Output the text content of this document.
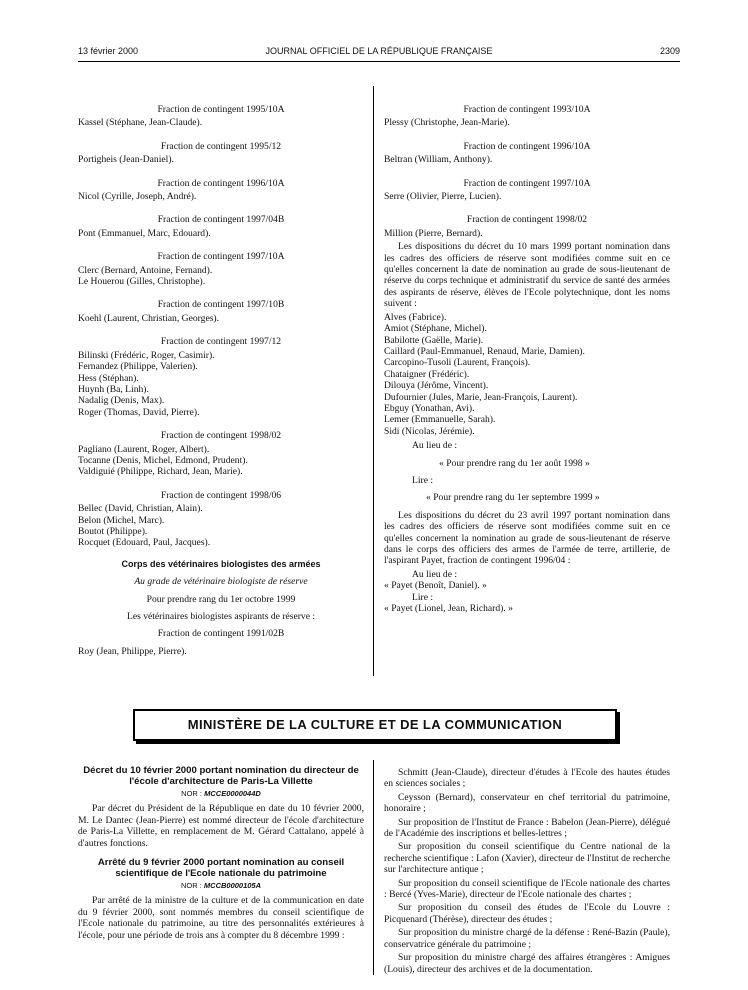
13 février 2000	JOURNAL OFFICIEL DE LA RÉPUBLIQUE FRANÇAISE	2309
Fraction de contingent 1995/10A
Kassel (Stéphane, Jean-Claude).
Fraction de contingent 1995/12
Portigheis (Jean-Daniel).
Fraction de contingent 1996/10A
Nicol (Cyrille, Joseph, André).
Fraction de contingent 1997/04B
Pont (Emmanuel, Marc, Edouard).
Fraction de contingent 1997/10A
Clerc (Bernard, Antoine, Fernand).
Le Houerou (Gilles, Christophe).
Fraction de contingent 1997/10B
Koehl (Laurent, Christian, Georges).
Fraction de contingent 1997/12
Bilinski (Frédéric, Roger, Casimir).
Fernandez (Philippe, Valerien).
Hess (Stéphan).
Huynh (Ba, Linh).
Nadalig (Denis, Max).
Roger (Thomas, David, Pierre).
Fraction de contingent 1998/02
Pagliano (Laurent, Roger, Albert).
Tocanne (Denis, Michel, Edmond, Prudent).
Valdiguié (Philippe, Richard, Jean, Marie).
Fraction de contingent 1998/06
Bellec (David, Christian, Alain).
Belon (Michel, Marc).
Boutot (Philippe).
Rocquet (Edouard, Paul, Jacques).
Corps des vétérinaires biologistes des armées
Au grade de vétérinaire biologiste de réserve
Pour prendre rang du 1er octobre 1999
Les vétérinaires biologistes aspirants de réserve :
Fraction de contingent 1991/02B
Roy (Jean, Philippe, Pierre).
Fraction de contingent 1993/10A
Plessy (Christophe, Jean-Marie).
Fraction de contingent 1996/10A
Beltran (William, Anthony).
Fraction de contingent 1997/10A
Serre (Olivier, Pierre, Lucien).
Fraction de contingent 1998/02
Million (Pierre, Bernard).
Les dispositions du décret du 10 mars 1999 portant nomination dans les cadres des officiers de réserve sont modifiées comme suit en ce qu'elles concernent la date de nomination au grade de sous-lieutenant de réserve du corps technique et administratif du service de santé des armées des aspirants de réserve, élèves de l'Ecole polytechnique, dont les noms suivent :
Alves (Fabrice).
Amiot (Stéphane, Michel).
Babilotte (Gaëlle, Marie).
Caillard (Paul-Emmanuel, Renaud, Marie, Damien).
Carcopino-Tusoli (Laurent, François).
Chataigner (Frédéric).
Dilouya (Jérôme, Vincent).
Dufournier (Jules, Marie, Jean-François, Laurent).
Ebguy (Yonathan, Avi).
Lemer (Emmanuelle, Sarah).
Sidi (Nicolas, Jérémie).
Au lieu de :
« Pour prendre rang du 1er août 1998 »
Lire :
« Pour prendre rang du 1er septembre 1999 »
Les dispositions du décret du 23 avril 1997 portant nomination dans les cadres des officiers de réserve sont modifiées comme suit en ce qu'elles concernent la nomination au grade de sous-lieutenant de réserve dans le corps des officiers des armes de l'armée de terre, artillerie, de l'aspirant Payet, fraction de contingent 1996/04 :
Au lieu de :
« Payet (Benoît, Daniel). »
Lire :
« Payet (Lionel, Jean, Richard). »
MINISTÈRE DE LA CULTURE ET DE LA COMMUNICATION
Décret du 10 février 2000 portant nomination du directeur de l'école d'architecture de Paris-La Villette
NOR : MCCE0000044D
Par décret du Président de la République en date du 10 février 2000, M. Le Dantec (Jean-Pierre) est nommé directeur de l'école d'architecture de Paris-La Villette, en remplacement de M. Gérard Cattalano, appelé à d'autres fonctions.
Arrêté du 9 février 2000 portant nomination au conseil scientifique de l'Ecole nationale du patrimoine
NOR : MCCB0000105A
Par arrêté de la ministre de la culture et de la communication en date du 9 février 2000, sont nommés membres du conseil scientifique de l'Ecole nationale du patrimoine, au titre des personnalités extérieures à l'école, pour une période de trois ans à compter du 8 décembre 1999 :
Schmitt (Jean-Claude), directeur d'études à l'Ecole des hautes études en sciences sociales ;
Ceysson (Bernard), conservateur en chef territorial du patrimoine, honoraire ;
Sur proposition de l'Institut de France : Babelon (Jean-Pierre), délégué de l'Académie des inscriptions et belles-lettres ;
Sur proposition du conseil scientifique du Centre national de la recherche scientifique : Lafon (Xavier), directeur de l'Institut de recherche sur l'architecture antique ;
Sur proposition du conseil scientifique de l'Ecole nationale des chartes : Bercé (Yves-Marie), directeur de l'Ecole nationale des chartes ;
Sur proposition du conseil des études de l'Ecole du Louvre : Picquenard (Thérèse), directeur des études ;
Sur proposition du ministre chargé de la défense : René-Bazin (Paule), conservatrice générale du patrimoine ;
Sur proposition du ministre chargé des affaires étrangères : Amigues (Louis), directeur des archives et de la documentation.
